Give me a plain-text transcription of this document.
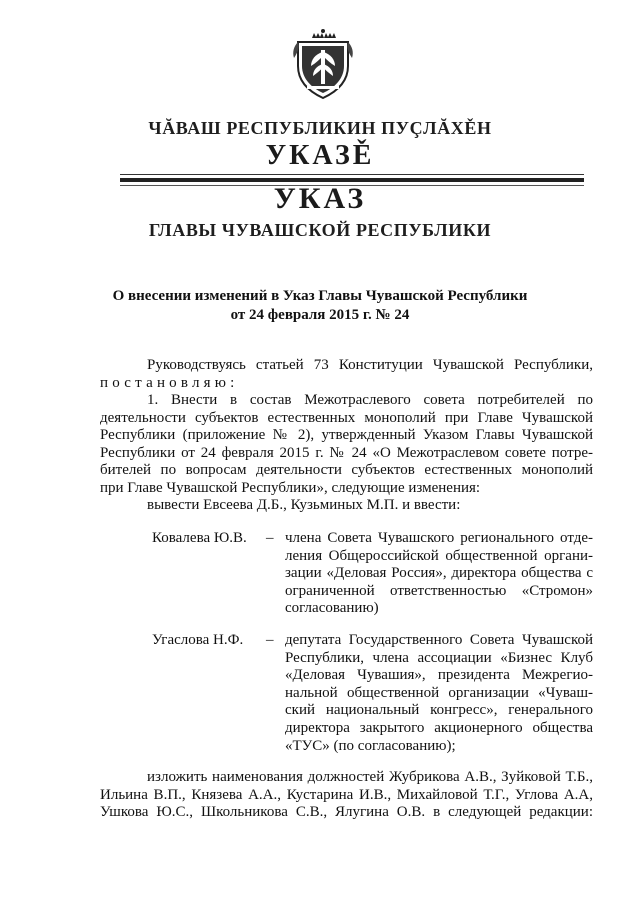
ЧĂВАШ РЕСПУБЛИКИН ПУÇЛĂХĚН
УКАЗĚ
УКАЗ
ГЛАВЫ ЧУВАШСКОЙ РЕСПУБЛИКИ
О внесении изменений в Указ Главы Чувашской Республики
от 24 февраля 2015 г. № 24
Руководствуясь статьей 73 Конституции Чувашской Республики,
постановляю:
1. Внести в состав Межотраслевого совета потребителей по
деятельности субъектов естественных монополий при Главе Чувашской
Республики (приложение № 2), утвержденный Указом Главы Чувашской
Республики от 24 февраля 2015 г. № 24 «О Межотраслевом совете потре-
бителей по вопросам деятельности субъектов естественных монополий
при Главе Чувашской Республики», следующие изменения:
вывести Евсеева Д.Б., Кузьминых М.П. и ввести:
Ковалева Ю.В. – члена Совета Чувашского регионального отде-
ления Общероссийской общественной органи-
зации «Деловая Россия», директора общества с
ограниченной ответственностью «Стромон»
согласованию)
Угаслова Н.Ф. – депутата Государственного Совета Чувашской
Республики, члена ассоциации «Бизнес Клуб
«Деловая Чувашия», президента Межрегио-
нальной общественной организации «Чуваш-
ский национальный конгресс», генерального
директора закрытого акционерного общества
«ТУС» (по согласованию);
изложить наименования должностей Жубрикова А.В., Зуйковой Т.Б.,
Ильина В.П., Князева А.А., Кустарина И.В., Михайловой Т.Г., Углова А.А,
Ушкова Ю.С., Школьникова С.В., Ялугина О.В. в следующей редакции:
